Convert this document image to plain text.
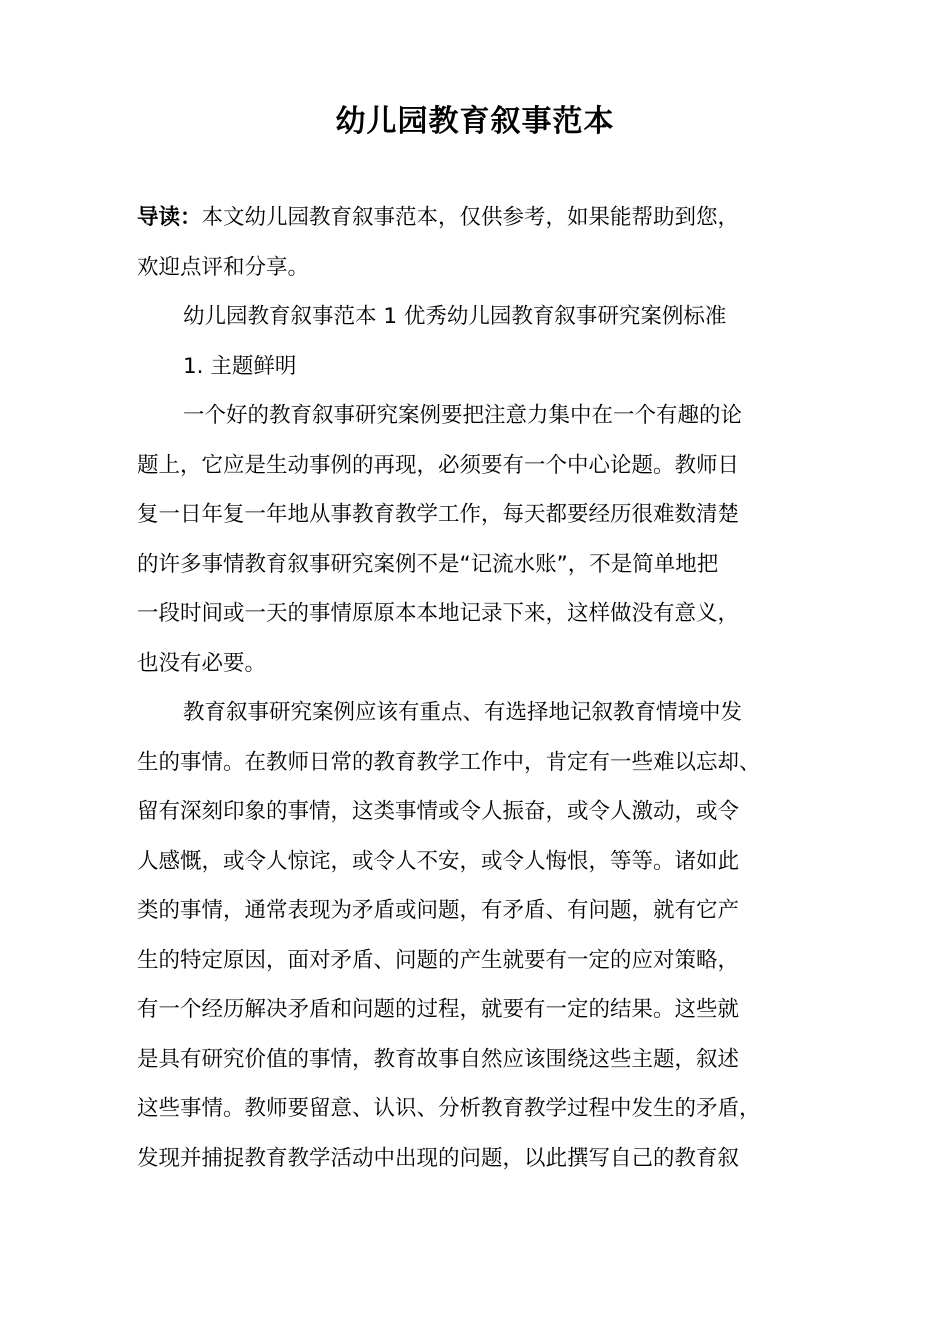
幼儿园教育叙事范本
导读：本文幼儿园教育叙事范本，仅供参考，如果能帮助到您，
欢迎点评和分享。
幼儿园教育叙事范本 1 优秀幼儿园教育叙事研究案例标准
1. 主题鲜明
一个好的教育叙事研究案例要把注意力集中在一个有趣的论
题上，它应是生动事例的再现，必须要有一个中心论题。教师日
复一日年复一年地从事教育教学工作，每天都要经历很难数清楚
的许多事情教育叙事研究案例不是“记流水账”，不是简单地把
一段时间或一天的事情原原本本地记录下来，这样做没有意义，
也没有必要。
教育叙事研究案例应该有重点、有选择地记叙教育情境中发
生的事情。在教师日常的教育教学工作中，肯定有一些难以忘却、
留有深刻印象的事情，这类事情或令人振奋，或令人激动，或令
人感慨，或令人惊诧，或令人不安，或令人悔恨，等等。诸如此
类的事情，通常表现为矛盾或问题，有矛盾、有问题，就有它产
生的特定原因，面对矛盾、问题的产生就要有一定的应对策略，
有一个经历解决矛盾和问题的过程，就要有一定的结果。这些就
是具有研究价值的事情，教育故事自然应该围绕这些主题，叙述
这些事情。教师要留意、认识、分析教育教学过程中发生的矛盾，
发现并捕捉教育教学活动中出现的问题，以此撰写自己的教育叙
